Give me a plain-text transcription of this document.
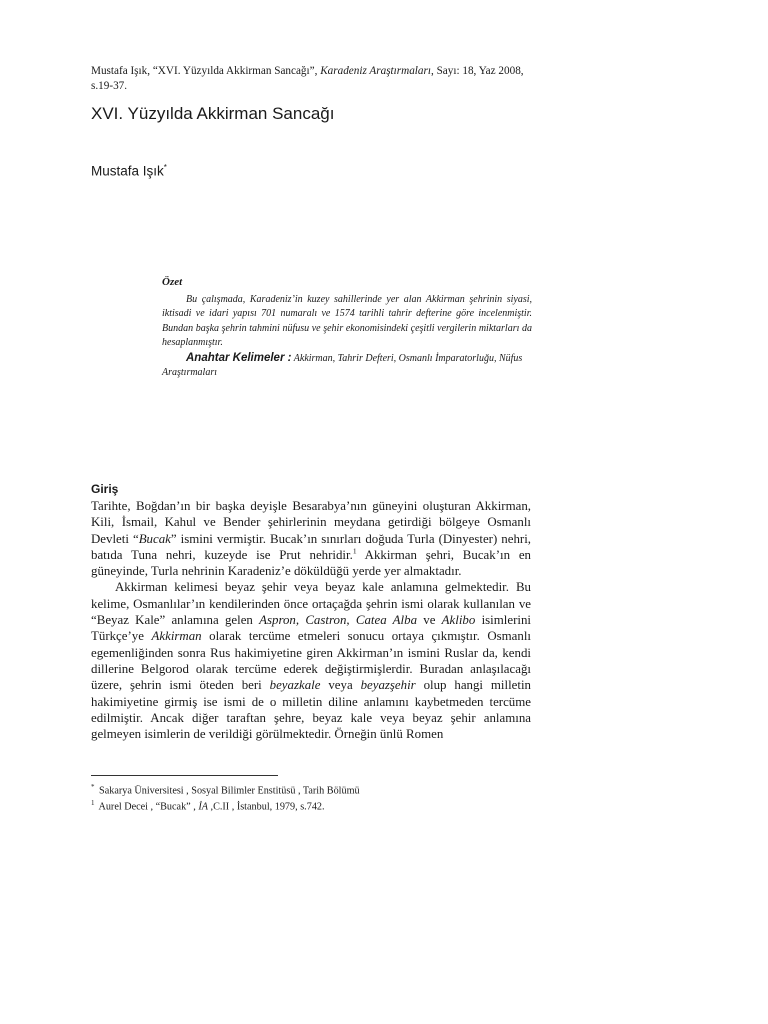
Mustafa Işık, “XVI. Yüzyılda Akkirman Sancağı”, Karadeniz Araştırmaları, Sayı: 18, Yaz 2008, s.19-37.
XVI. Yüzyılda Akkirman Sancağı
Mustafa Işık*
Özet

Bu çalışmada, Karadeniz’in kuzey sahillerinde yer alan Akkirman şehrinin siyasi, iktisadi ve idari yapısı 701 numaralı ve 1574 tarihli tahrir defterine göre incelenmiştir. Bundan başka şehrin tahmini nüfusu ve şehir ekonomisindeki çeşitli vergilerin miktarları da hesaplanmıştır.

Anahtar Kelimeler : Akkirman, Tahrir Defteri, Osmanlı İmparatorluğu, Nüfus Araştırmaları

Giriş

Tarihte, Boğdan’ın bir başka deyişle Besarabya’nın güneyini oluşturan Akkirman, Kili, İsmail, Kahul ve Bender şehirlerinin meydana getirdiği bölgeye Osmanlı Devleti “Bucak” ismini vermiştir. Bucak’ın sınırları doğuda Turla (Dinyester) nehri, batıda Tuna nehri, kuzeyde ise Prut nehridir.$^1$ Akkirman şehri, Bucak’ın en güneyinde, Turla nehrinin Karadeniz’e döküldüğü yerde yer almaktadır.

Akkirman kelimesi beyaz şehir veya beyaz kale anlamına gelmektedir. Bu kelime, Osmanlılar’ın kendilerinden önce ortaçağda şehrin ismi olarak kullanılan ve “Beyaz Kale” anlamına gelen Aspron, Castron, Catea Alba ve Aklibo isimlerini Türkçe’ye Akkirman olarak tercüme etmeleri sonucu ortaya çıkmıştır. Osmanlı egemenliğinden sonra Rus hakimiyetine giren Akkirman’ın ismini Ruslar da, kendi dillerine Belgorod olarak tercüme ederek değiştirmişlerdir. Buradan anlaşılacağı üzere, şehrin ismi öteden beri beyazkale veya beyazşehir olup hangi milletin hakimiyetine girmiş ise ismi de o milletin diline anlamını kaybetmeden tercüme edilmiştir. Ancak diğer taraftan şehre, beyaz kale veya beyaz şehir anlamına gelmeyen isimlerin de verildiği görülmektedir. Örneğin ünlü Romen

* Sakarya Üniversitesi , Sosyal Bilimler Enstitüsü , Tarih Bölümü
$^1$ Aurel Decei , “Bucak” , İA ,C.II , İstanbul, 1979, s.742.
